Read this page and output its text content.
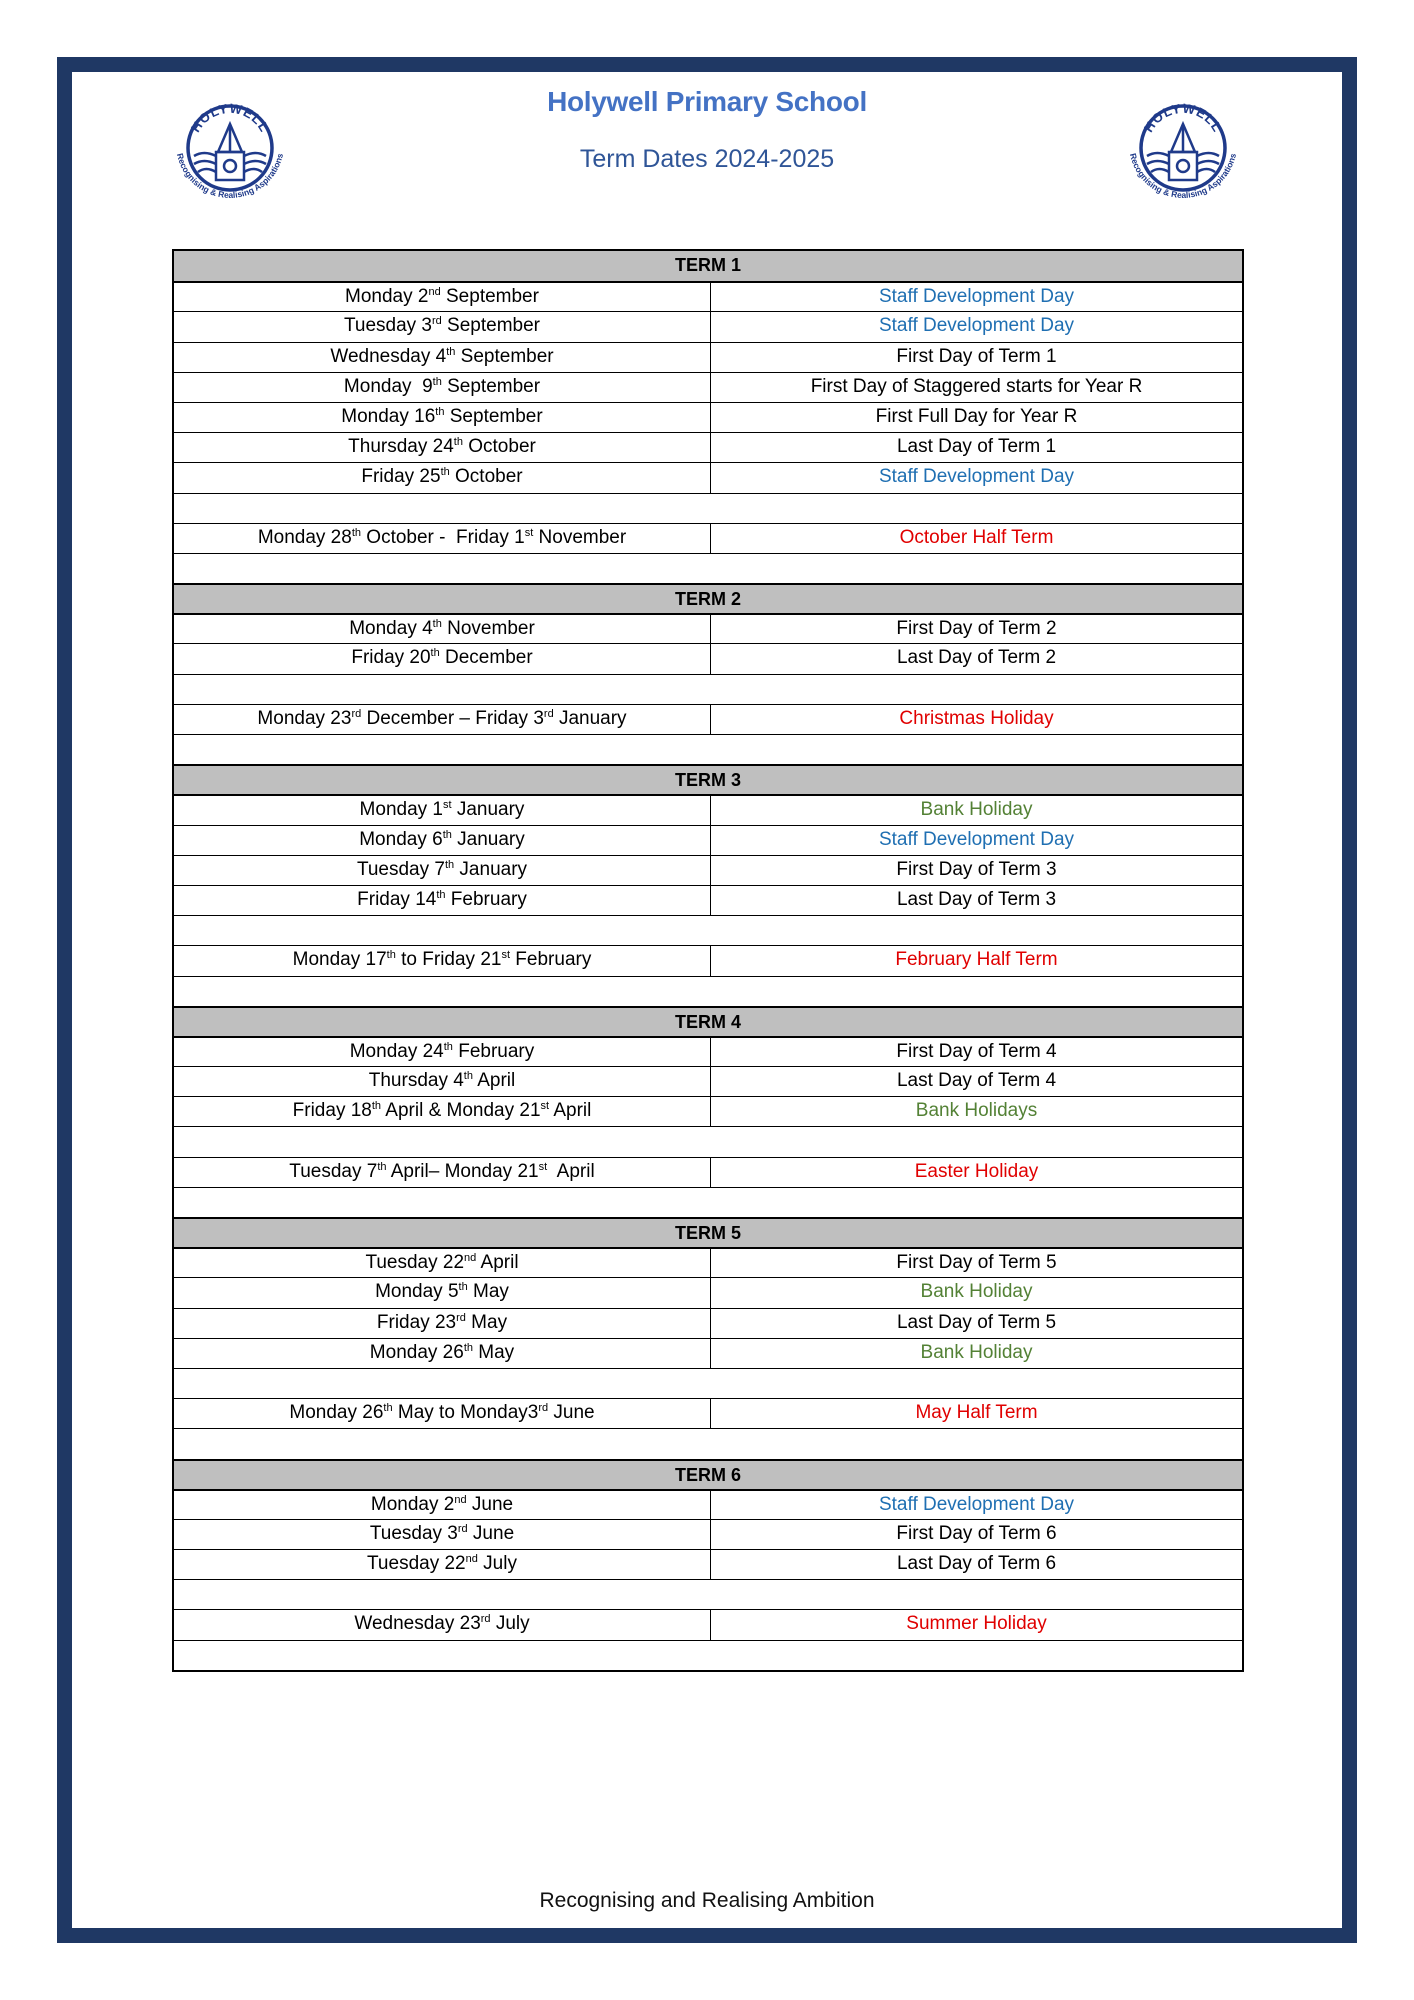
HOLYWELL
Recognising & Realising Aspirations
HOLYWELL
Recognising & Realising Aspirations
Holywell Primary School
Term Dates 2024-2025
TERM 1
Monday 2nd September	Staff Development Day
Tuesday 3rd September	Staff Development Day
Wednesday 4th September	First Day of Term 1
Monday  9th September	First Day of Staggered starts for Year R
Monday 16th September	First Full Day for Year R
Thursday 24th October	Last Day of Term 1
Friday 25th October	Staff Development Day
Monday 28th October -  Friday 1st November	October Half Term
TERM 2
Monday 4th November	First Day of Term 2
Friday 20th December	Last Day of Term 2
Monday 23rd December – Friday 3rd January	Christmas Holiday
TERM 3
Monday 1st January	Bank Holiday
Monday 6th January	Staff Development Day
Tuesday 7th January	First Day of Term 3
Friday 14th February	Last Day of Term 3
Monday 17th to Friday 21st February	February Half Term
TERM 4
Monday 24th February	First Day of Term 4
Thursday 4th April	Last Day of Term 4
Friday 18th April & Monday 21st April	Bank Holidays
Tuesday 7th April– Monday 21st  April	Easter Holiday
TERM 5
Tuesday 22nd April	First Day of Term 5
Monday 5th May	Bank Holiday
Friday 23rd May	Last Day of Term 5
Monday 26th May	Bank Holiday
Monday 26th May to Monday3rd June	May Half Term
TERM 6
Monday 2nd June	Staff Development Day
Tuesday 3rd June	First Day of Term 6
Tuesday 22nd July	Last Day of Term 6
Wednesday 23rd July	Summer Holiday
Recognising and Realising Ambition
